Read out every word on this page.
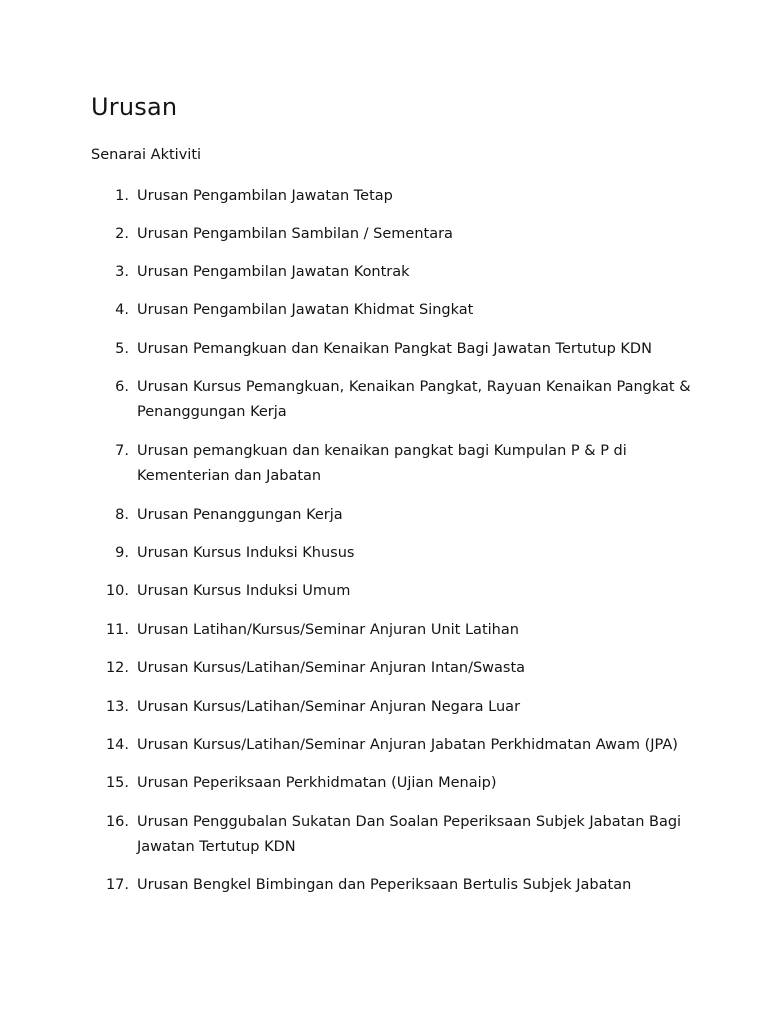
Urusan

Senarai Aktiviti

1. Urusan Pengambilan Jawatan Tetap
2. Urusan Pengambilan Sambilan / Sementara
3. Urusan Pengambilan Jawatan Kontrak
4. Urusan Pengambilan Jawatan Khidmat Singkat
5. Urusan Pemangkuan dan Kenaikan Pangkat Bagi Jawatan Tertutup KDN
6. Urusan Kursus Pemangkuan, Kenaikan Pangkat, Rayuan Kenaikan Pangkat & Penanggungan Kerja
7. Urusan pemangkuan dan kenaikan pangkat bagi Kumpulan P & P di Kementerian dan Jabatan
8. Urusan Penanggungan Kerja
9. Urusan Kursus Induksi Khusus
10. Urusan Kursus Induksi Umum
11. Urusan Latihan/Kursus/Seminar Anjuran Unit Latihan
12. Urusan Kursus/Latihan/Seminar Anjuran Intan/Swasta
13. Urusan Kursus/Latihan/Seminar Anjuran Negara Luar
14. Urusan Kursus/Latihan/Seminar Anjuran Jabatan Perkhidmatan Awam (JPA)
15. Urusan Peperiksaan Perkhidmatan (Ujian Menaip)
16. Urusan Penggubalan Sukatan Dan Soalan Peperiksaan Subjek Jabatan Bagi Jawatan Tertutup KDN
17. Urusan Bengkel Bimbingan dan Peperiksaan Bertulis Subjek Jabatan
